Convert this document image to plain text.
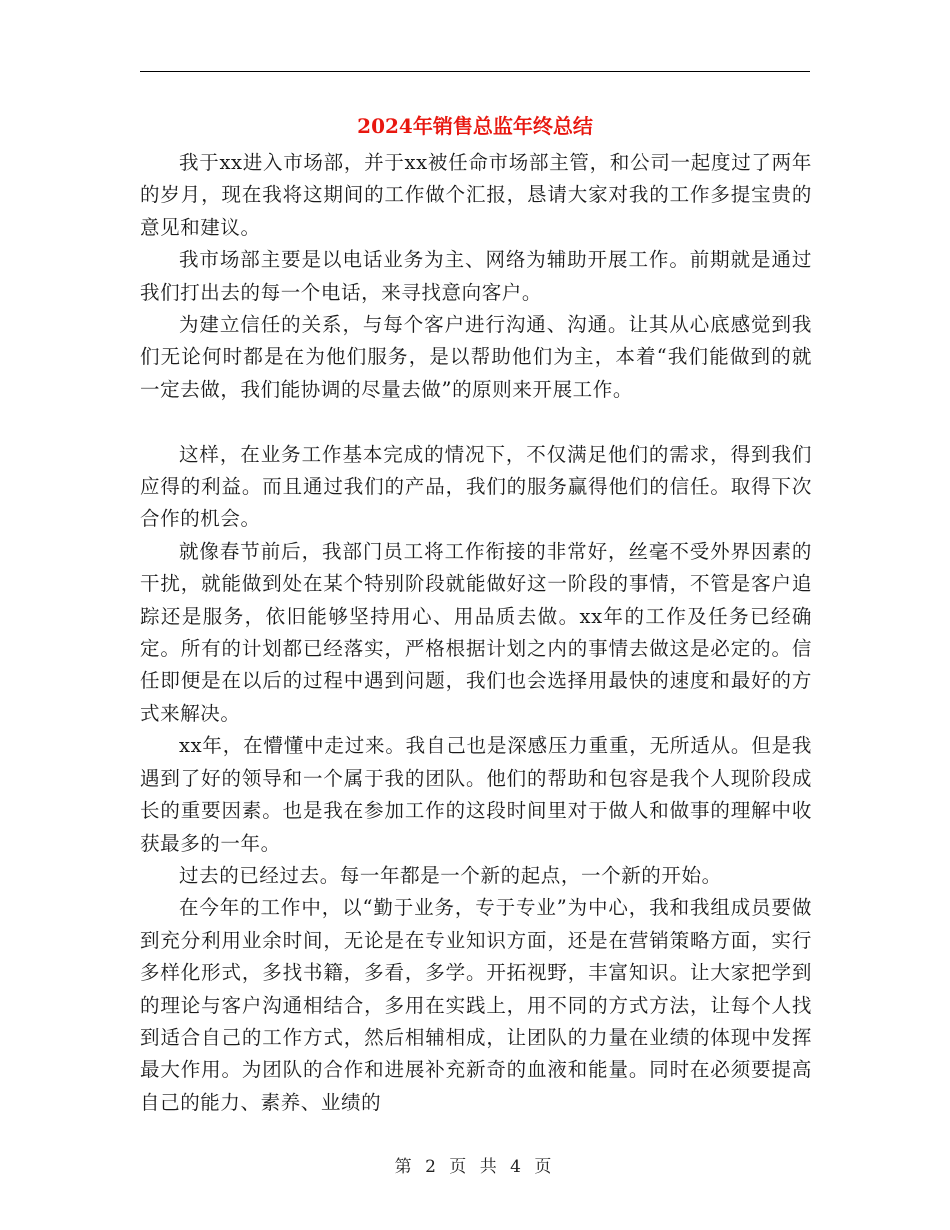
2024年销售总监年终总结

我于xx进入市场部，并于xx被任命市场部主管，和公司一起度过了两年的岁月，现在我将这期间的工作做个汇报，恳请大家对我的工作多提宝贵的意见和建议。

我市场部主要是以电话业务为主、网络为辅助开展工作。前期就是通过我们打出去的每一个电话，来寻找意向客户。

为建立信任的关系，与每个客户进行沟通、沟通。让其从心底感觉到我们无论何时都是在为他们服务，是以帮助他们为主，本着“我们能做到的就一定去做，我们能协调的尽量去做”的原则来开展工作。

这样，在业务工作基本完成的情况下，不仅满足他们的需求，得到我们应得的利益。而且通过我们的产品，我们的服务赢得他们的信任。取得下次合作的机会。

就像春节前后，我部门员工将工作衔接的非常好，丝毫不受外界因素的干扰，就能做到处在某个特别阶段就能做好这一阶段的事情，不管是客户追踪还是服务，依旧能够坚持用心、用品质去做。xx年的工作及任务已经确定。所有的计划都已经落实，严格根据计划之内的事情去做这是必定的。信任即便是在以后的过程中遇到问题，我们也会选择用最快的速度和最好的方式来解决。

xx年，在懵懂中走过来。我自己也是深感压力重重，无所适从。但是我遇到了好的领导和一个属于我的团队。他们的帮助和包容是我个人现阶段成长的重要因素。也是我在参加工作的这段时间里对于做人和做事的理解中收获最多的一年。

过去的已经过去。每一年都是一个新的起点，一个新的开始。

在今年的工作中，以“勤于业务，专于专业”为中心，我和我组成员要做到充分利用业余时间，无论是在专业知识方面，还是在营销策略方面，实行多样化形式，多找书籍，多看，多学。开拓视野，丰富知识。让大家把学到的理论与客户沟通相结合，多用在实践上，用不同的方式方法，让每个人找到适合自己的工作方式，然后相辅相成，让团队的力量在业绩的体现中发挥最大作用。为团队的合作和进展补充新奇的血液和能量。同时在必须要提高自己的能力、素养、业绩的

第 2 页 共 4 页
